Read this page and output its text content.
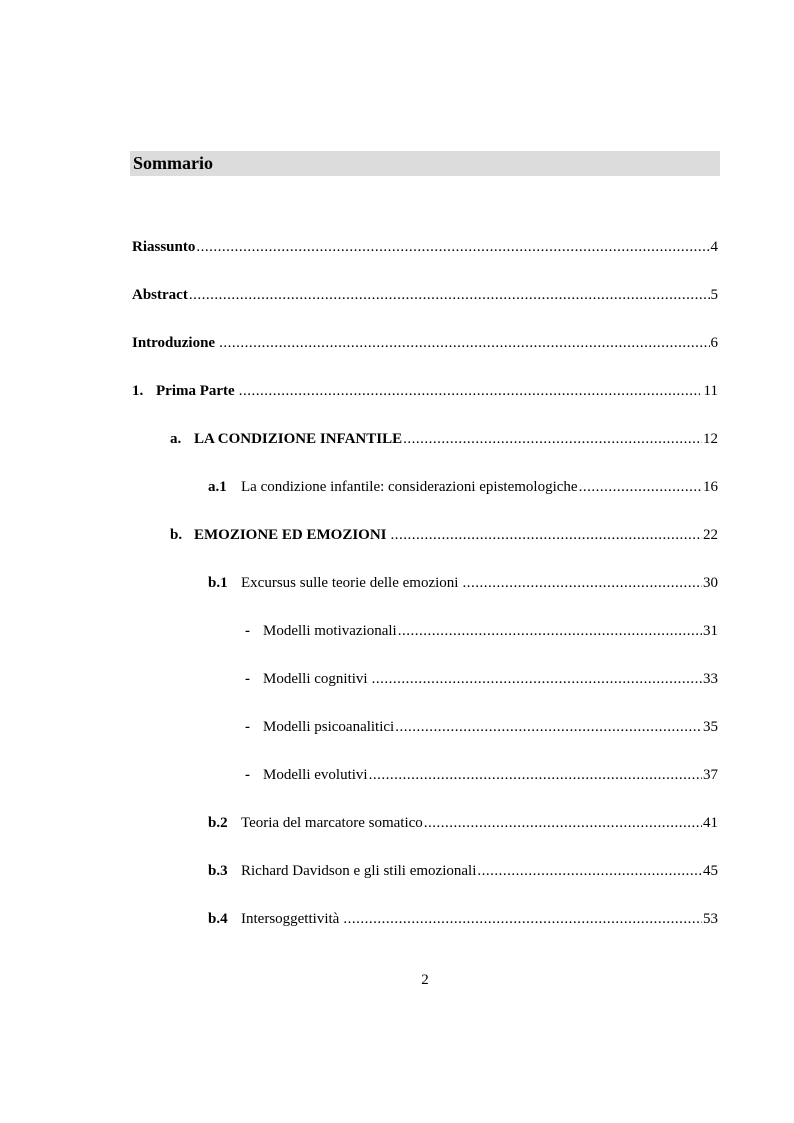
Sommario
Riassunto .....	4
Abstract .....	5
Introduzione .....	6
1. Prima Parte .....	11
a. LA CONDIZIONE INFANTILE .....	12
a.1 La condizione infantile: considerazioni epistemologiche .....	16
b. EMOZIONE ED EMOZIONI .....	22
b.1 Excursus sulle teorie delle emozioni .....	30
- Modelli motivazionali .....	31
- Modelli cognitivi .....	33
- Modelli psicoanalitici .....	35
- Modelli evolutivi .....	37
b.2 Teoria del marcatore somatico .....	41
b.3 Richard Davidson e gli stili emozionali .....	45
b.4 Intersoggettività .....	53
2
